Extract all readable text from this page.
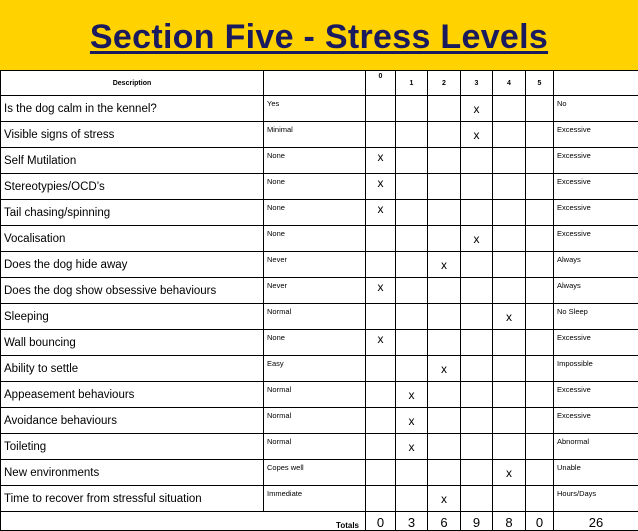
Section Five - Stress Levels
Description		0	1	2	3	4	5	
Is the dog calm in the kennel?	Yes				x			No
Visible signs of stress	Minimal				x			Excessive
Self Mutilation	None	x						Excessive
Stereotypies/OCD’s	None	x						Excessive
Tail chasing/spinning	None	x						Excessive
Vocalisation	None				x			Excessive
Does the dog hide away	Never			x				Always
Does the dog show obsessive behaviours	Never	x						Always
Sleeping	Normal					x		No Sleep
Wall bouncing	None	x						Excessive
Ability to settle	Easy			x				Impossible
Appeasement behaviours	Normal		x					Excessive
Avoidance behaviours	Normal		x					Excessive
Toileting	Normal		x					Abnormal
New environments	Copes well					x		Unable
Time to recover from stressful situation	Immediate			x				Hours/Days
Totals		0	3	6	9	8	0	26
